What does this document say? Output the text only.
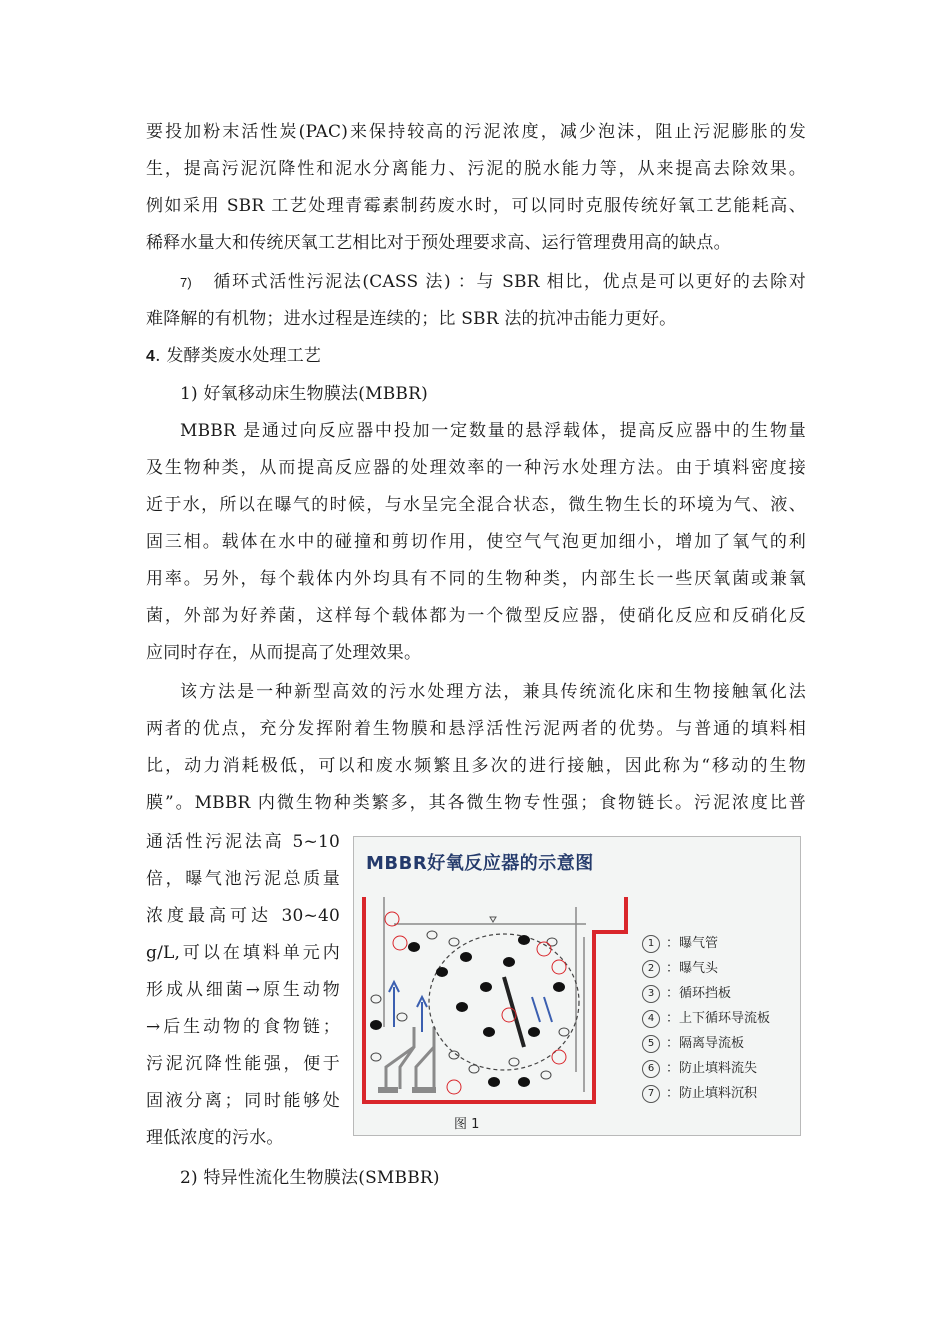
要投加粉末活性炭(PAC)来保持较高的污泥浓度，减少泡沫，阻止污泥膨胀的发
生，提高污泥沉降性和泥水分离能力、污泥的脱水能力等，从来提高去除效果。
例如采用 SBR 工艺处理青霉素制药废水时，可以同时克服传统好氧工艺能耗高、
稀释水量大和传统厌氧工艺相比对于预处理要求高、运行管理费用高的缺点。
7) 循环式活性污泥法(CASS 法) ：与 SBR 相比，优点是可以更好的去除对
难降解的有机物；进水过程是连续的；比 SBR 法的抗冲击能力更好。
4. 发酵类废水处理工艺
1) 好氧移动床生物膜法(MBBR)
MBBR 是通过向反应器中投加一定数量的悬浮载体，提高反应器中的生物量
及生物种类，从而提高反应器的处理效率的一种污水处理方法。由于填料密度接
近于水，所以在曝气的时候，与水呈完全混合状态，微生物生长的环境为气、液、
固三相。载体在水中的碰撞和剪切作用，使空气气泡更加细小，增加了氧气的利
用率。另外，每个载体内外均具有不同的生物种类，内部生长一些厌氧菌或兼氧
菌，外部为好养菌，这样每个载体都为一个微型反应器，使硝化反应和反硝化反
应同时存在，从而提高了处理效果。
该方法是一种新型高效的污水处理方法，兼具传统流化床和生物接触氧化法
两者的优点，充分发挥附着生物膜和悬浮活性污泥两者的优势。与普通的填料相
比，动力消耗极低，可以和废水频繁且多次的进行接触，因此称为“移动的生物
膜”。MBBR 内微生物种类繁多，其各微生物专性强；食物链长。污泥浓度比普
通活性污泥法高 5~10
倍，曝气池污泥总质量
浓度最高可达 30~40
g/L,可以在填料单元内
形成从细菌→原生动物
→后生动物的食物链；
污泥沉降性能强，便于
固液分离；同时能够处
理低浓度的污水。
MBBR好氧反应器的示意图
1 ：曝气管
2 ：曝气头
3 ：循环挡板
4 ：上下循环导流板
5 ：隔离导流板
6 ：防止填料流失
7 ：防止填料沉积
图 1
2) 特异性流化生物膜法(SMBBR)
